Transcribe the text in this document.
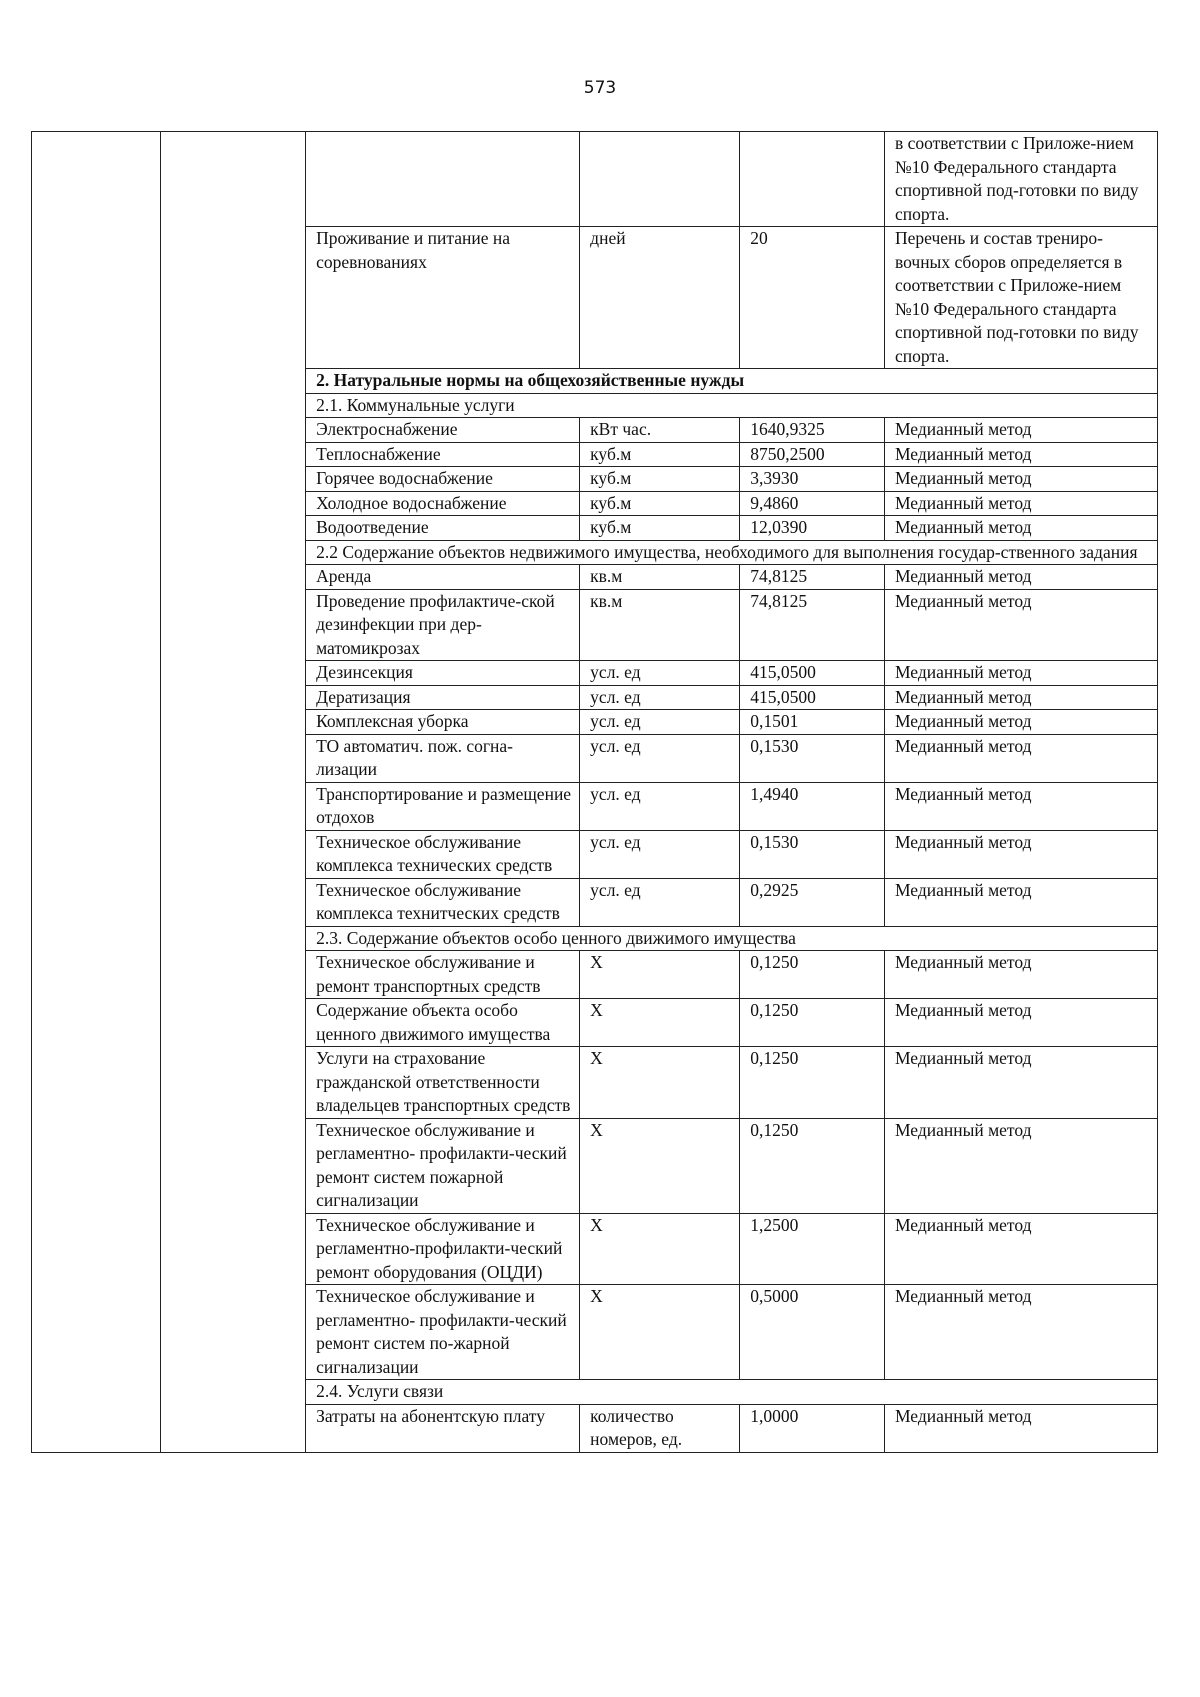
573
					в соответствии с Приложе-нием №10 Федерального стандарта спортивной под-готовки по виду спорта.
		Проживание и питание на соревнованиях	дней	20	Перечень и состав трениро-вочных сборов определяется в соответствии с Приложе-нием №10 Федерального стандарта спортивной под-готовки по виду спорта.
		2. Натуральные нормы на общехозяйственные нужды			
		2.1. Коммунальные услуги			
		Электроснабжение	кВт час.	1640,9325	Медианный метод
		Теплоснабжение	куб.м	8750,2500	Медианный метод
		Горячее водоснабжение	куб.м	3,3930	Медианный метод
		Холодное водоснабжение	куб.м	9,4860	Медианный метод
		Водоотведение	куб.м	12,0390	Медианный метод
		2.2 Содержание объектов недвижимого имущества, необходимого для выполнения государ-ственного задания			
		Аренда	кв.м	74,8125	Медианный метод
		Проведение профилактиче-ской дезинфекции при дер-матомикрозах	кв.м	74,8125	Медианный метод
		Дезинсекция	усл. ед	415,0500	Медианный метод
		Дератизация	усл. ед	415,0500	Медианный метод
		Комплексная уборка	усл. ед	0,1501	Медианный метод
		ТО автоматич. пож. согна-лизации	усл. ед	0,1530	Медианный метод
		Транспортирование и размещение отдохов	усл. ед	1,4940	Медианный метод
		Техническое обслуживание комплекса технических средств	усл. ед	0,1530	Медианный метод
		Техническое обслуживание комплекса технитческих средств	усл. ед	0,2925	Медианный метод
		2.3. Содержание объектов особо ценного движимого имущества			
		Техническое обслуживание и ремонт транспортных средств	X	0,1250	Медианный метод
		Содержание объекта особо ценного движимого имущества	X	0,1250	Медианный метод
		Услуги на страхование гражданской ответственности владельцев транспортных средств	X	0,1250	Медианный метод
		Техническое обслуживание и регламентно- профилакти-ческий ремонт систем пожарной сигнализации	X	0,1250	Медианный метод
		Техническое обслуживание и регламентно-профилакти-ческий ремонт оборудования (ОЦДИ)	X	1,2500	Медианный метод
		Техническое обслуживание и регламентно- профилакти-ческий ремонт систем по-жарной сигнализации	X	0,5000	Медианный метод
		2.4. Услуги связи			
		Затраты на абонентскую плату	количество номеров, ед.	1,0000	Медианный метод
